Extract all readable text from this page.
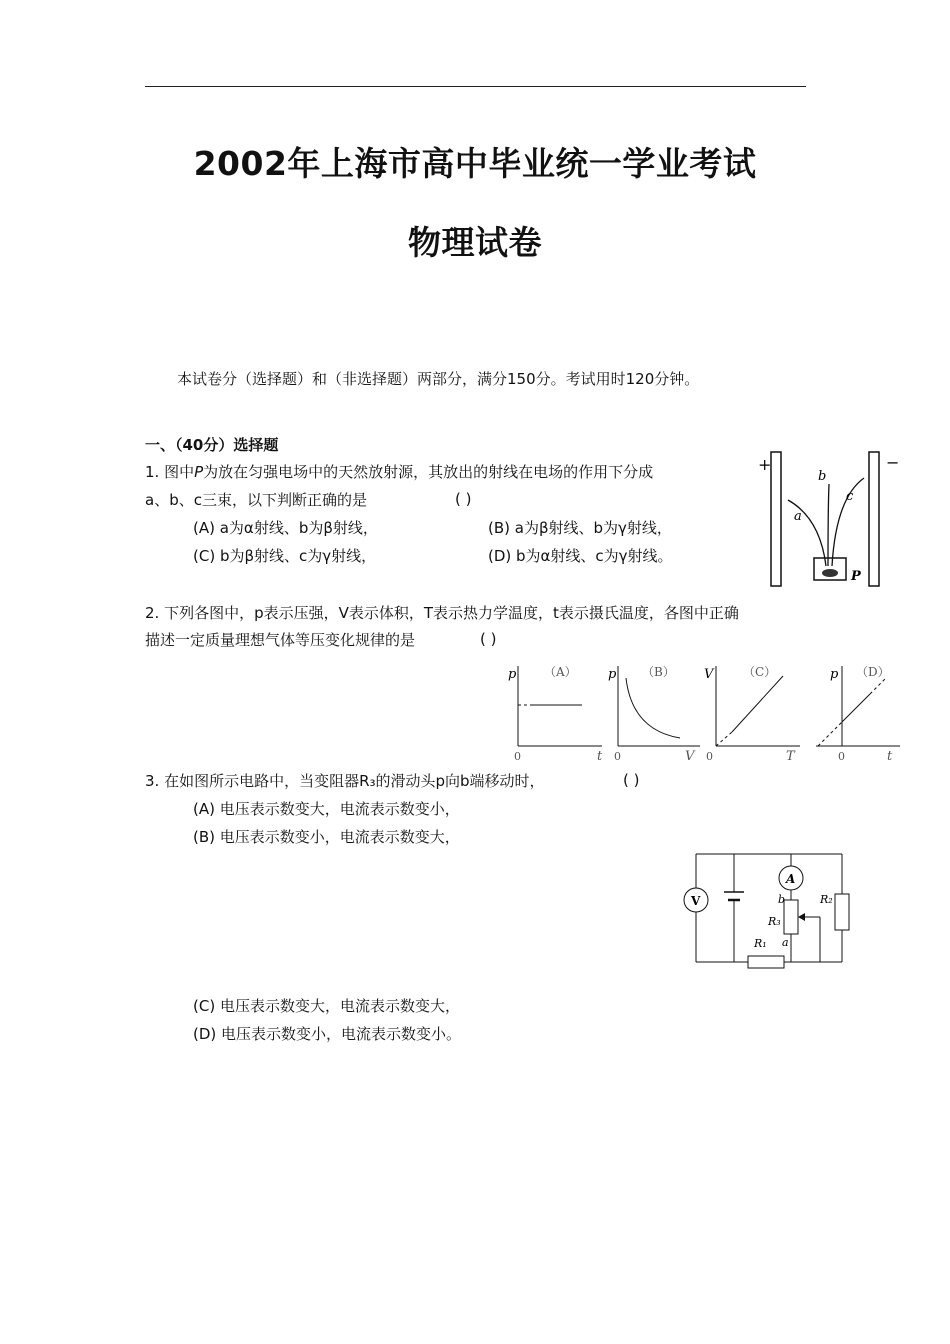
2002年上海市高中毕业统一学业考试
物理试卷
本试卷分（选择题）和（非选择题）两部分，满分150分。考试用时120分钟。
一、（40分）选择题
1. 图中P为放在匀强电场中的天然放射源，其放出的射线在电场的作用下分成
a、b、c三束，以下判断正确的是	( )
(A) a为α射线、b为β射线，	(B) a为β射线、b为γ射线，
(C) b为β射线、c为γ射线，	(D) b为α射线、c为γ射线。
+	−
a
b
c
P
2. 下列各图中，p表示压强，V表示体积，T表示热力学温度，t表示摄氏温度，各图中正确
描述一定质量理想气体等压变化规律的是	( )
p （A）
0	t
p （B）
0	V
V （C）
0	T
p （D）
0	t
3. 在如图所示电路中，当变阻器R₃的滑动头p向b端移动时，	( )
(A) 电压表示数变大，电流表示数变小，
(B) 电压表示数变小，电流表示数变大，
(C) 电压表示数变大，电流表示数变大，
(D) 电压表示数变小，电流表示数变小。
V
A
b
a
R₃
R₂
R₁
